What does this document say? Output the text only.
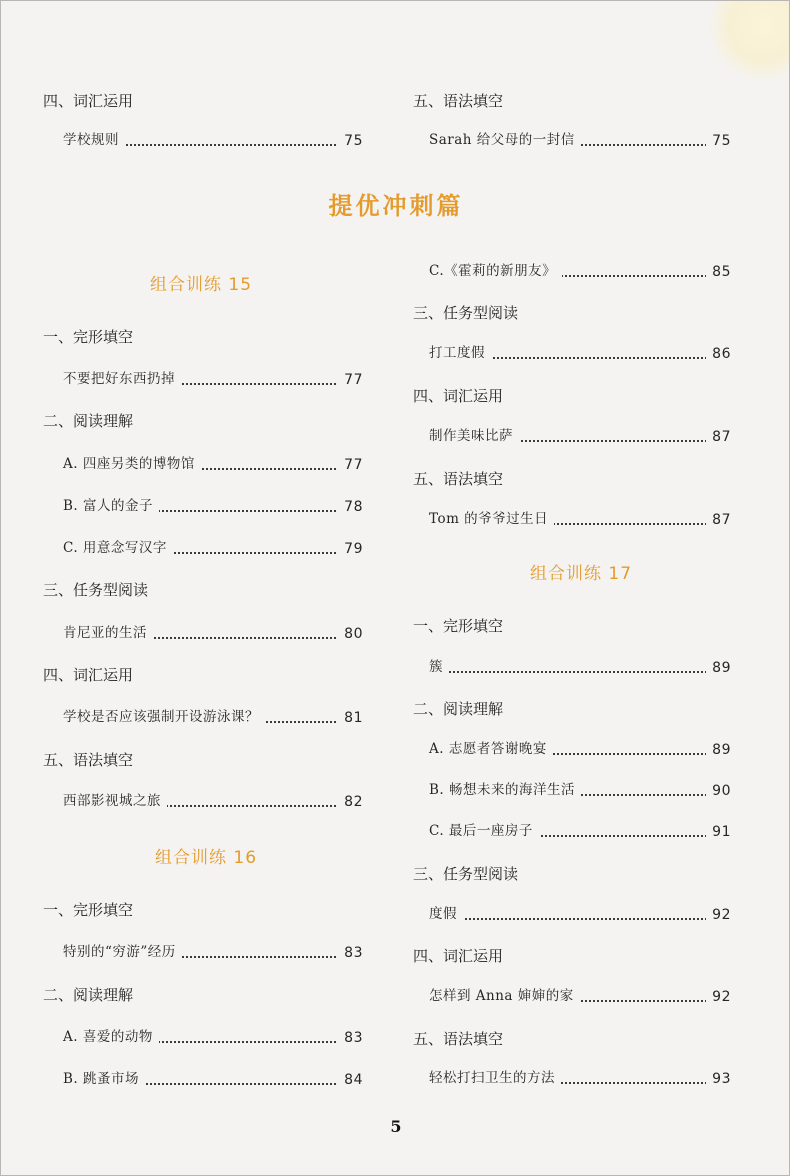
四、词汇运用
学校规则	75
五、语法填空
Sarah 给父母的一封信	75
提优冲刺篇
组合训练 15
一、完形填空
不要把好东西扔掉	77
二、阅读理解
A. 四座另类的博物馆	77
B. 富人的金子	78
C. 用意念写汉字	79
三、任务型阅读
肯尼亚的生活	80
四、词汇运用
学校是否应该强制开设游泳课？	81
五、语法填空
西部影视城之旅	82
组合训练 16
一、完形填空
特别的“穷游”经历	83
二、阅读理解
A. 喜爱的动物	83
B. 跳蚤市场	84
C.《霍莉的新朋友》	85
三、任务型阅读
打工度假	86
四、词汇运用
制作美味比萨	87
五、语法填空
Tom 的爷爷过生日	87
组合训练 17
一、完形填空
簇	89
二、阅读理解
A. 志愿者答谢晚宴	89
B. 畅想未来的海洋生活	90
C. 最后一座房子	91
三、任务型阅读
度假	92
四、词汇运用
怎样到 Anna 婶婶的家	92
五、语法填空
轻松打扫卫生的方法	93
5
